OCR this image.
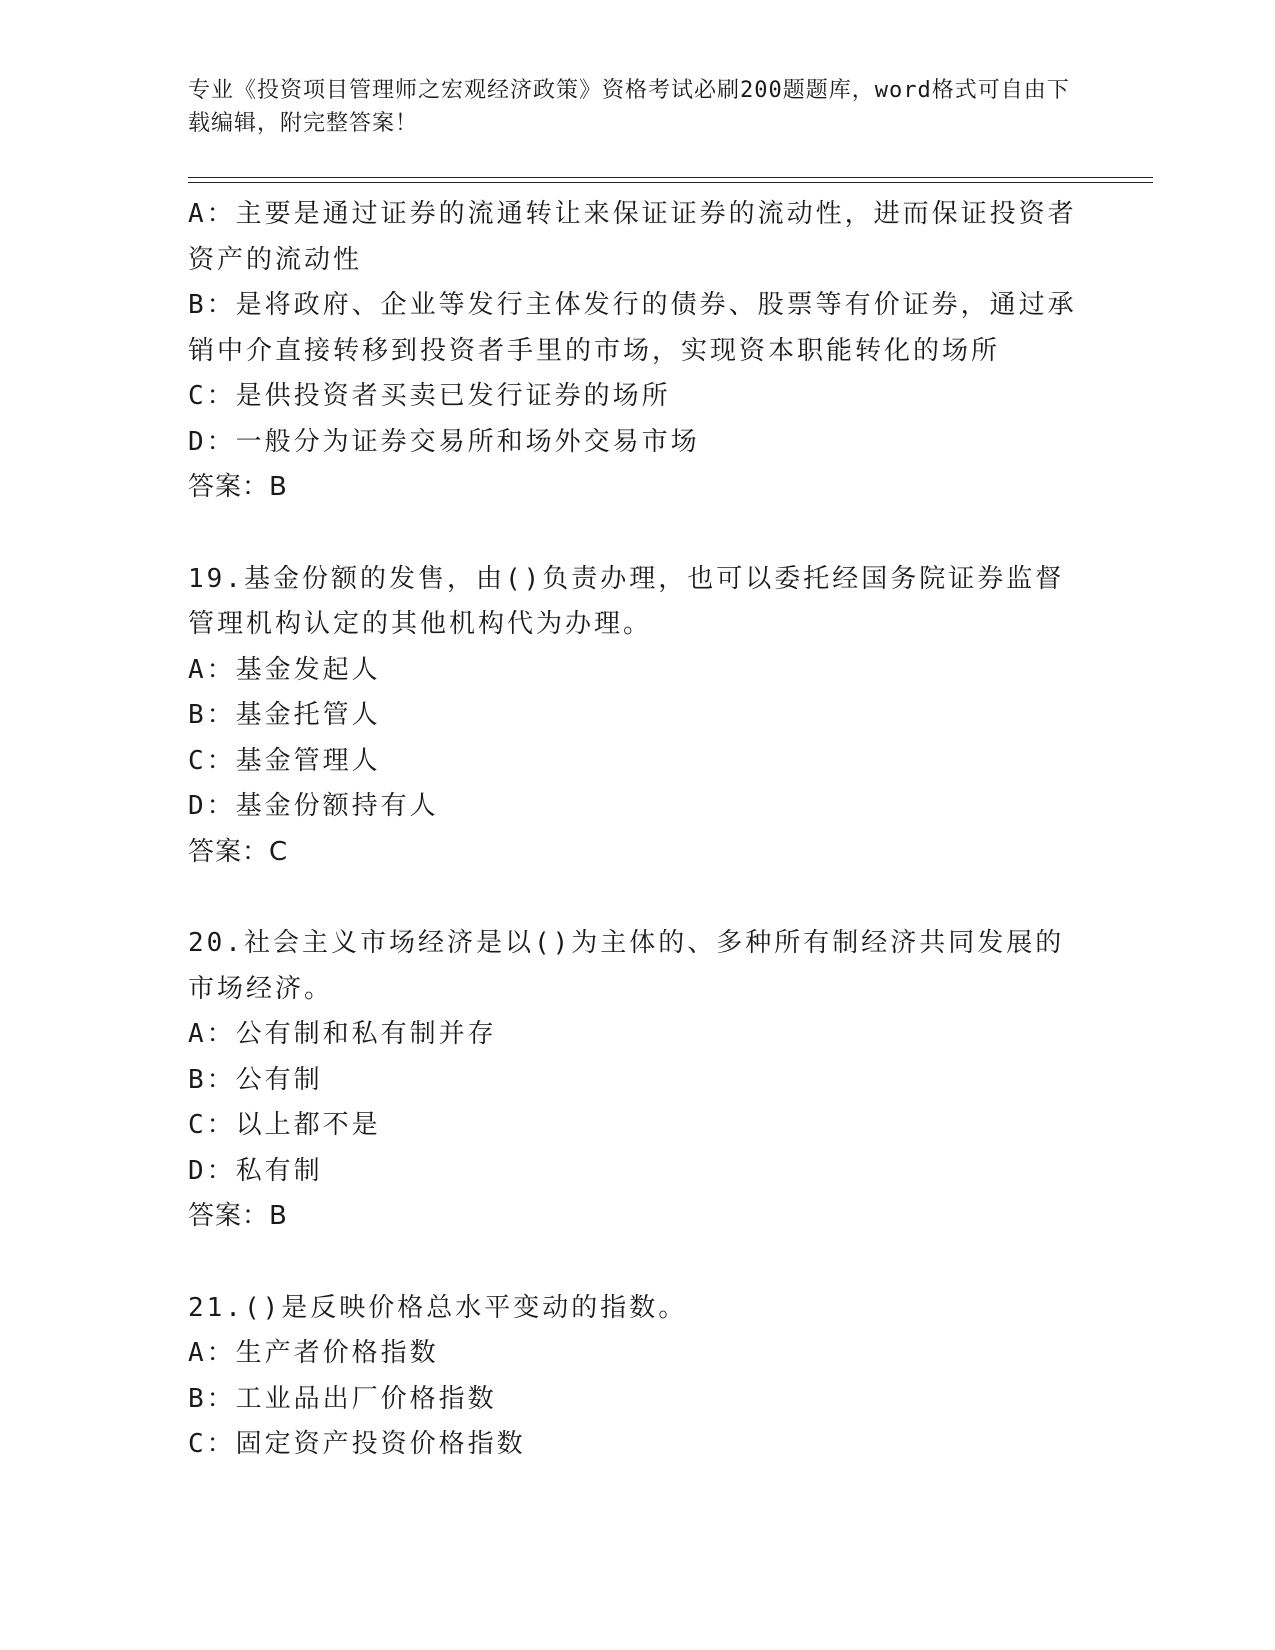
专业《投资项目管理师之宏观经济政策》资格考试必刷200题题库，word格式可自由下载编辑，附完整答案！

A：主要是通过证券的流通转让来保证证券的流动性，进而保证投资者资产的流动性

B：是将政府、企业等发行主体发行的债券、股票等有价证券，通过承销中介直接转移到投资者手里的市场，实现资本职能转化的场所

C：是供投资者买卖已发行证券的场所

D：一般分为证券交易所和场外交易市场

答案：B

19.基金份额的发售，由()负责办理，也可以委托经国务院证券监督管理机构认定的其他机构代为办理。

A：基金发起人

B：基金托管人

C：基金管理人

D：基金份额持有人

答案：C

20.社会主义市场经济是以()为主体的、多种所有制经济共同发展的市场经济。

A：公有制和私有制并存

B：公有制

C：以上都不是

D：私有制

答案：B

21.()是反映价格总水平变动的指数。

A：生产者价格指数

B：工业品出厂价格指数

C：固定资产投资价格指数
